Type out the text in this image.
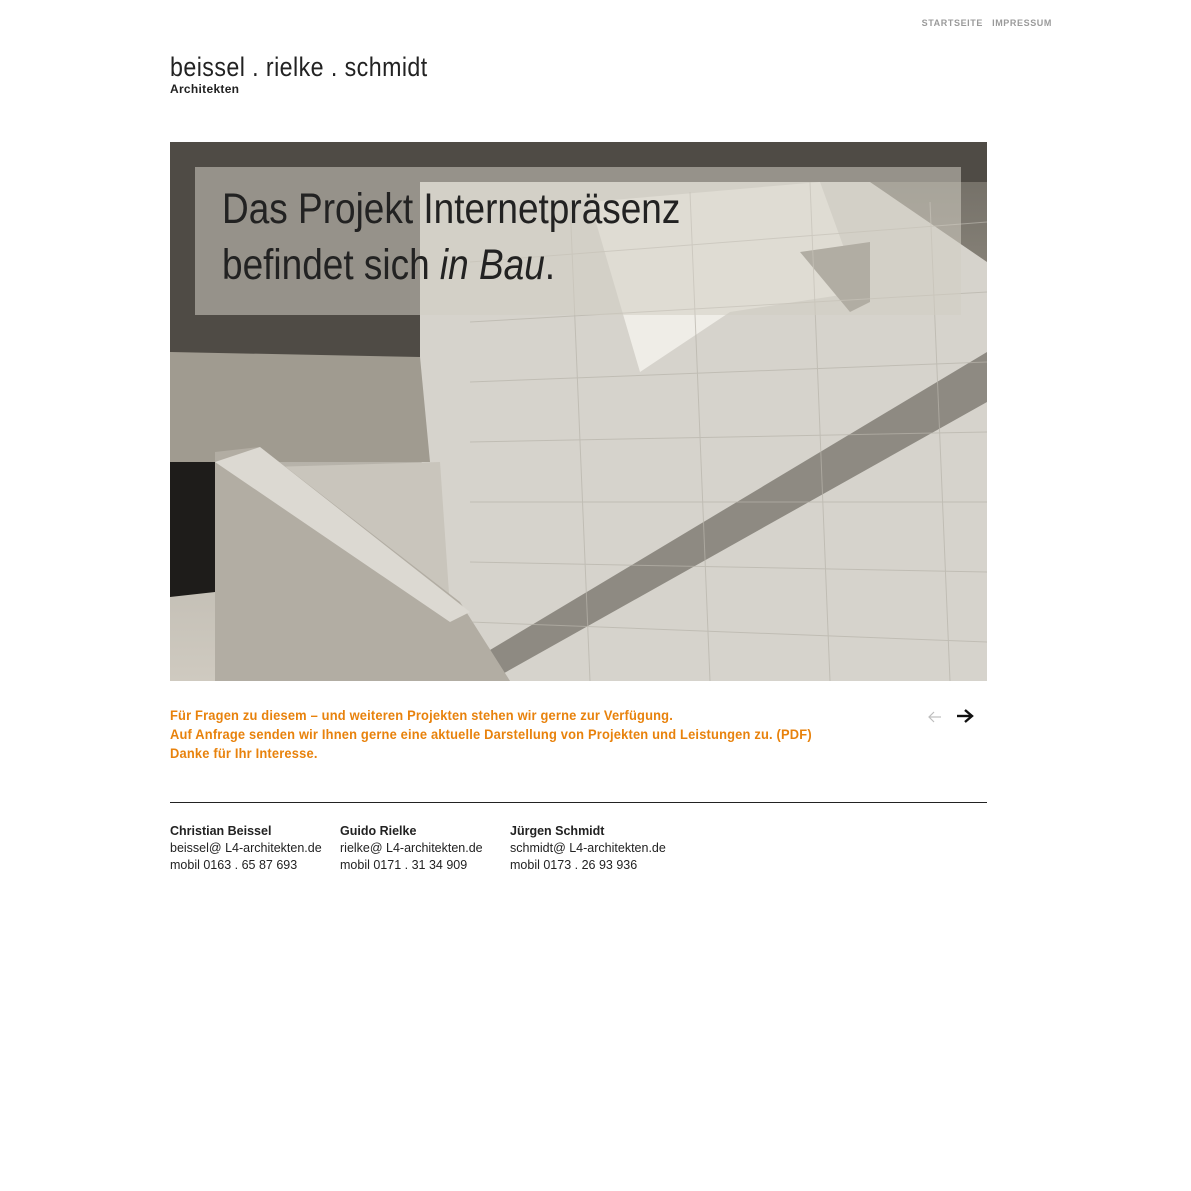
STARTSEITE IMPRESSUM
beissel . rielke . schmidt
Architekten
Das Projekt Internetpräsenz
befindet sich in Bau.
Für Fragen zu diesem – und weiteren Projekten stehen wir gerne zur Verfügung.
Auf Anfrage senden wir Ihnen gerne eine aktuelle Darstellung von Projekten und Leistungen zu. (PDF)
Danke für Ihr Interesse.
Christian Beissel
beissel@ L4-architekten.de
mobil 0163 . 65 87 693
Guido Rielke
rielke@ L4-architekten.de
mobil 0171 . 31 34 909
Jürgen Schmidt
schmidt@ L4-architekten.de
mobil 0173 . 26 93 936
